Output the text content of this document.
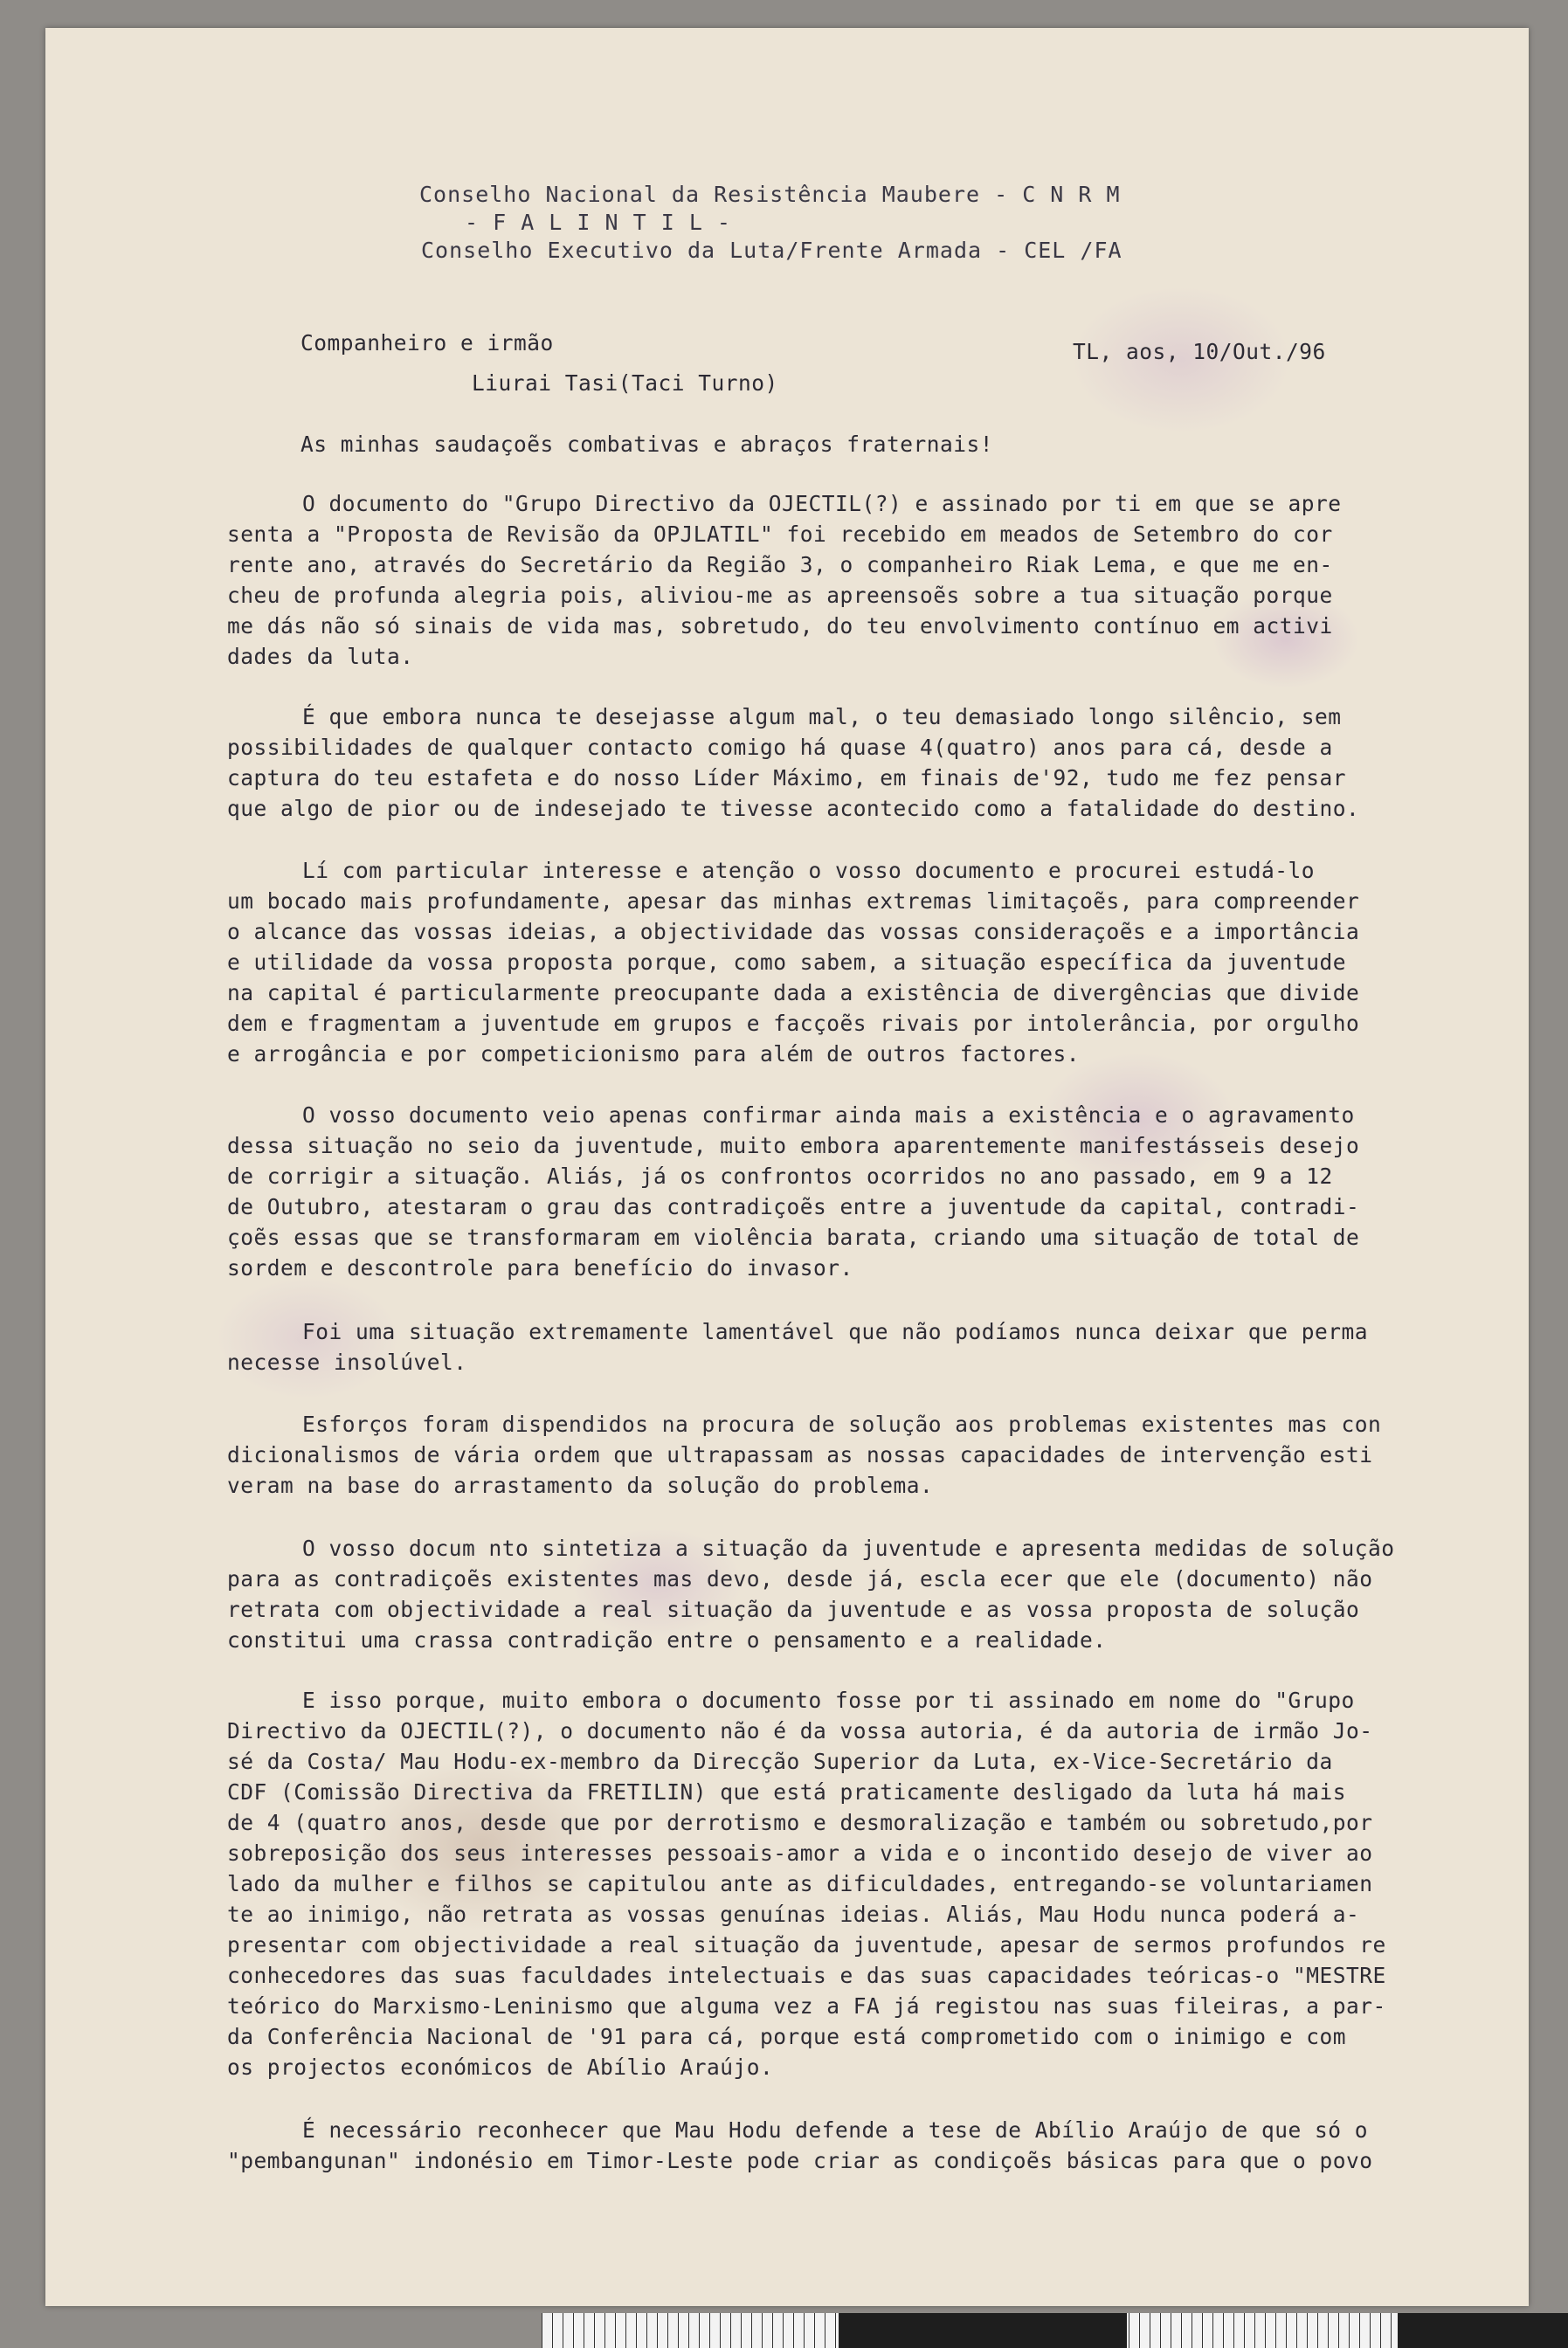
Conselho Nacional da Resistência Maubere - C N R M
- F A L I N T I L -
Conselho Executivo da Luta/Frente Armada - CEL /FA
Companheiro e irmão	TL, aos, 10/Out./96
Liurai Tasi(Taci Turno)
As minhas saudaçoẽs combativas e abraços fraternais!
O documento do "Grupo Directivo da OJECTIL(?) e assinado por ti em que se apre
senta a "Proposta de Revisão da OPJLATIL" foi recebido em meados de Setembro do cor
rente ano, através do Secretário da Região 3, o companheiro Riak Lema, e que me en-
cheu de profunda alegria pois, aliviou-me as apreensoẽs sobre a tua situação porque
me dás não só sinais de vida mas, sobretudo, do teu envolvimento contínuo em activi
dades da luta.
É que embora nunca te desejasse algum mal, o teu demasiado longo silêncio, sem
possibilidades de qualquer contacto comigo há quase 4(quatro) anos para cá, desde a
captura do teu estafeta e do nosso Líder Máximo, em finais de'92, tudo me fez pensar
que algo de pior ou de indesejado te tivesse acontecido como a fatalidade do destino.
Lí com particular interesse e atenção o vosso documento e procurei estudá-lo
um bocado mais profundamente, apesar das minhas extremas limitaçoẽs, para compreender
o alcance das vossas ideias, a objectividade das vossas consideraçoẽs e a importância
e utilidade da vossa proposta porque, como sabem, a situação específica da juventude
na capital é particularmente preocupante dada a existência de divergências que divide
dem e fragmentam a juventude em grupos e facçoẽs rivais por intolerância, por orgulho
e arrogância e por competicionismo para além de outros factores.
O vosso documento veio apenas confirmar ainda mais a existência e o agravamento
dessa situação no seio da juventude, muito embora aparentemente manifestásseis desejo
de corrigir a situação. Aliás, já os confrontos ocorridos no ano passado, em 9 a 12
de Outubro, atestaram o grau das contradiçoẽs entre a juventude da capital, contradi-
çoẽs essas que se transformaram em violência barata, criando uma situação de total de
sordem e descontrole para benefício do invasor.
Foi uma situação extremamente lamentável que não podíamos nunca deixar que perma
necesse insolúvel.
Esforços foram dispendidos na procura de solução aos problemas existentes mas con
dicionalismos de vária ordem que ultrapassam as nossas capacidades de intervenção esti
veram na base do arrastamento da solução do problema.
O vosso docum nto sintetiza a situação da juventude e apresenta medidas de solução
para as contradiçoẽs existentes mas devo, desde já, escla ecer que ele (documento) não
retrata com objectividade a real situação da juventude e as vossa proposta de solução
constitui uma crassa contradição entre o pensamento e a realidade.
E isso porque, muito embora o documento fosse por ti assinado em nome do "Grupo
Directivo da OJECTIL(?), o documento não é da vossa autoria, é da autoria de irmão Jo-
sé da Costa/ Mau Hodu-ex-membro da Direcção Superior da Luta, ex-Vice-Secretário da
CDF (Comissão Directiva da FRETILIN) que está praticamente desligado da luta há mais
de 4 (quatro anos, desde que por derrotismo e desmoralização e também ou sobretudo,por
sobreposição dos seus interesses pessoais-amor a vida e o incontido desejo de viver ao
lado da mulher e filhos se capitulou ante as dificuldades, entregando-se voluntariamen
te ao inimigo, não retrata as vossas genuínas ideias. Aliás, Mau Hodu nunca poderá a-
presentar com objectividade a real situação da juventude, apesar de sermos profundos re
conhecedores das suas faculdades intelectuais e das suas capacidades teóricas-o "MESTRE
teórico do Marxismo-Leninismo que alguma vez a FA já registou nas suas fileiras, a par-
da Conferência Nacional de '91 para cá, porque está comprometido com o inimigo e com
os projectos económicos de Abílio Araújo.
É necessário reconhecer que Mau Hodu defende a tese de Abílio Araújo de que só o
"pembangunan" indonésio em Timor-Leste pode criar as condiçoẽs básicas para que o povo
